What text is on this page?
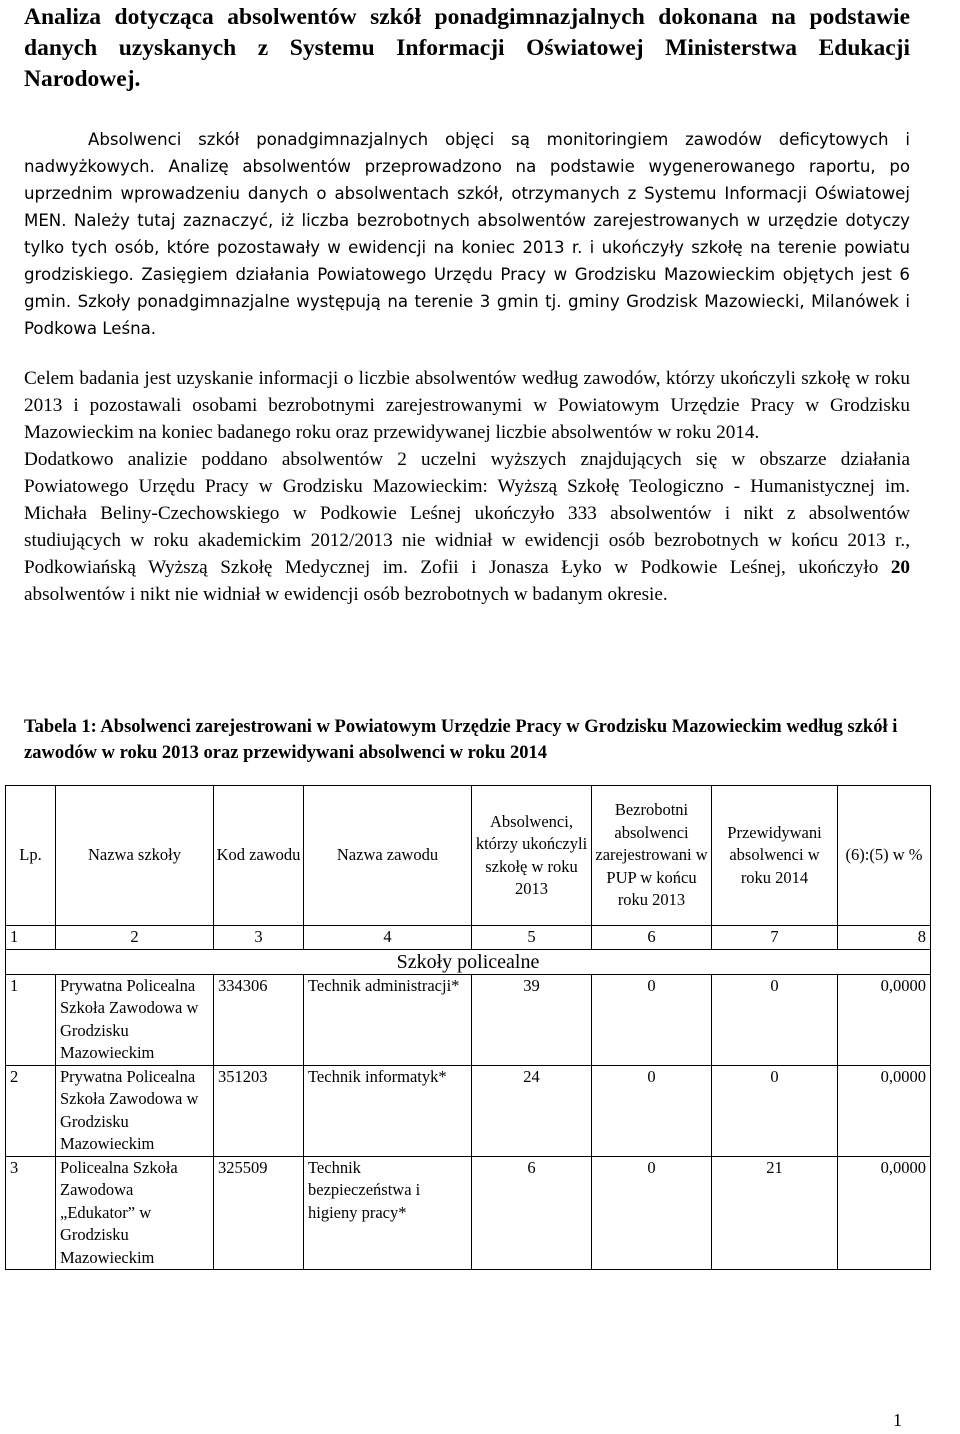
Analiza dotycząca absolwentów szkół ponadgimnazjalnych dokonana na podstawie danych uzyskanych z Systemu Informacji Oświatowej Ministerstwa Edukacji Narodowej.

Absolwenci szkół ponadgimnazjalnych objęci są monitoringiem zawodów deficytowych i nadwyżkowych. Analizę absolwentów przeprowadzono na podstawie wygenerowanego raportu, po uprzednim wprowadzeniu danych o absolwentach szkół, otrzymanych z Systemu Informacji Oświatowej MEN. Należy tutaj zaznaczyć, iż liczba bezrobotnych absolwentów zarejestrowanych w urzędzie dotyczy tylko tych osób, które pozostawały w ewidencji na koniec 2013 r. i ukończyły szkołę na terenie powiatu grodziskiego. Zasięgiem działania Powiatowego Urzędu Pracy w Grodzisku Mazowieckim objętych jest 6 gmin. Szkoły ponadgimnazjalne występują na terenie 3 gmin tj. gminy Grodzisk Mazowiecki, Milanówek i Podkowa Leśna.

Celem badania jest uzyskanie informacji o liczbie absolwentów według zawodów, którzy ukończyli szkołę w roku 2013 i pozostawali osobami bezrobotnymi zarejestrowanymi w Powiatowym Urzędzie Pracy w Grodzisku Mazowieckim na koniec badanego roku oraz przewidywanej liczbie absolwentów w roku 2014.

Dodatkowo analizie poddano absolwentów 2 uczelni wyższych znajdujących się w obszarze działania Powiatowego Urzędu Pracy w Grodzisku Mazowieckim: Wyższą Szkołę Teologiczno - Humanistycznej im. Michała Beliny-Czechowskiego w Podkowie Leśnej ukończyło 333 absolwentów i nikt z absolwentów studiujących w roku akademickim 2012/2013 nie widniał w ewidencji osób bezrobotnych w końcu 2013 r., Podkowiańską Wyższą Szkołę Medycznej im. Zofii i Jonasza Łyko w Podkowie Leśnej, ukończyło 20 absolwentów i nikt nie widniał w ewidencji osób bezrobotnych w badanym okresie.

Tabela 1: Absolwenci zarejestrowani w Powiatowym Urzędzie Pracy w Grodzisku Mazowieckim według szkół i zawodów w roku 2013 oraz przewidywani absolwenci w roku 2014

Lp.	Nazwa szkoły	Kod zawodu	Nazwa zawodu	Absolwenci, którzy ukończyli szkołę w roku 2013	Bezrobotni absolwenci zarejestrowani w PUP w końcu roku 2013	Przewidywani absolwenci w roku 2014	(6):(5) w %
1	2	3	4	5	6	7	8
Szkoły policealne							
1	Prywatna Policealna Szkoła Zawodowa w Grodzisku Mazowieckim	334306	Technik administracji*	39	0	0	0,0000
2	Prywatna Policealna Szkoła Zawodowa w Grodzisku Mazowieckim	351203	Technik informatyk*	24	0	0	0,0000
3	Policealna Szkoła Zawodowa „Edukator” w Grodzisku Mazowieckim	325509	Technik bezpieczeństwa i higieny pracy*	6	0	21	0,0000
1
